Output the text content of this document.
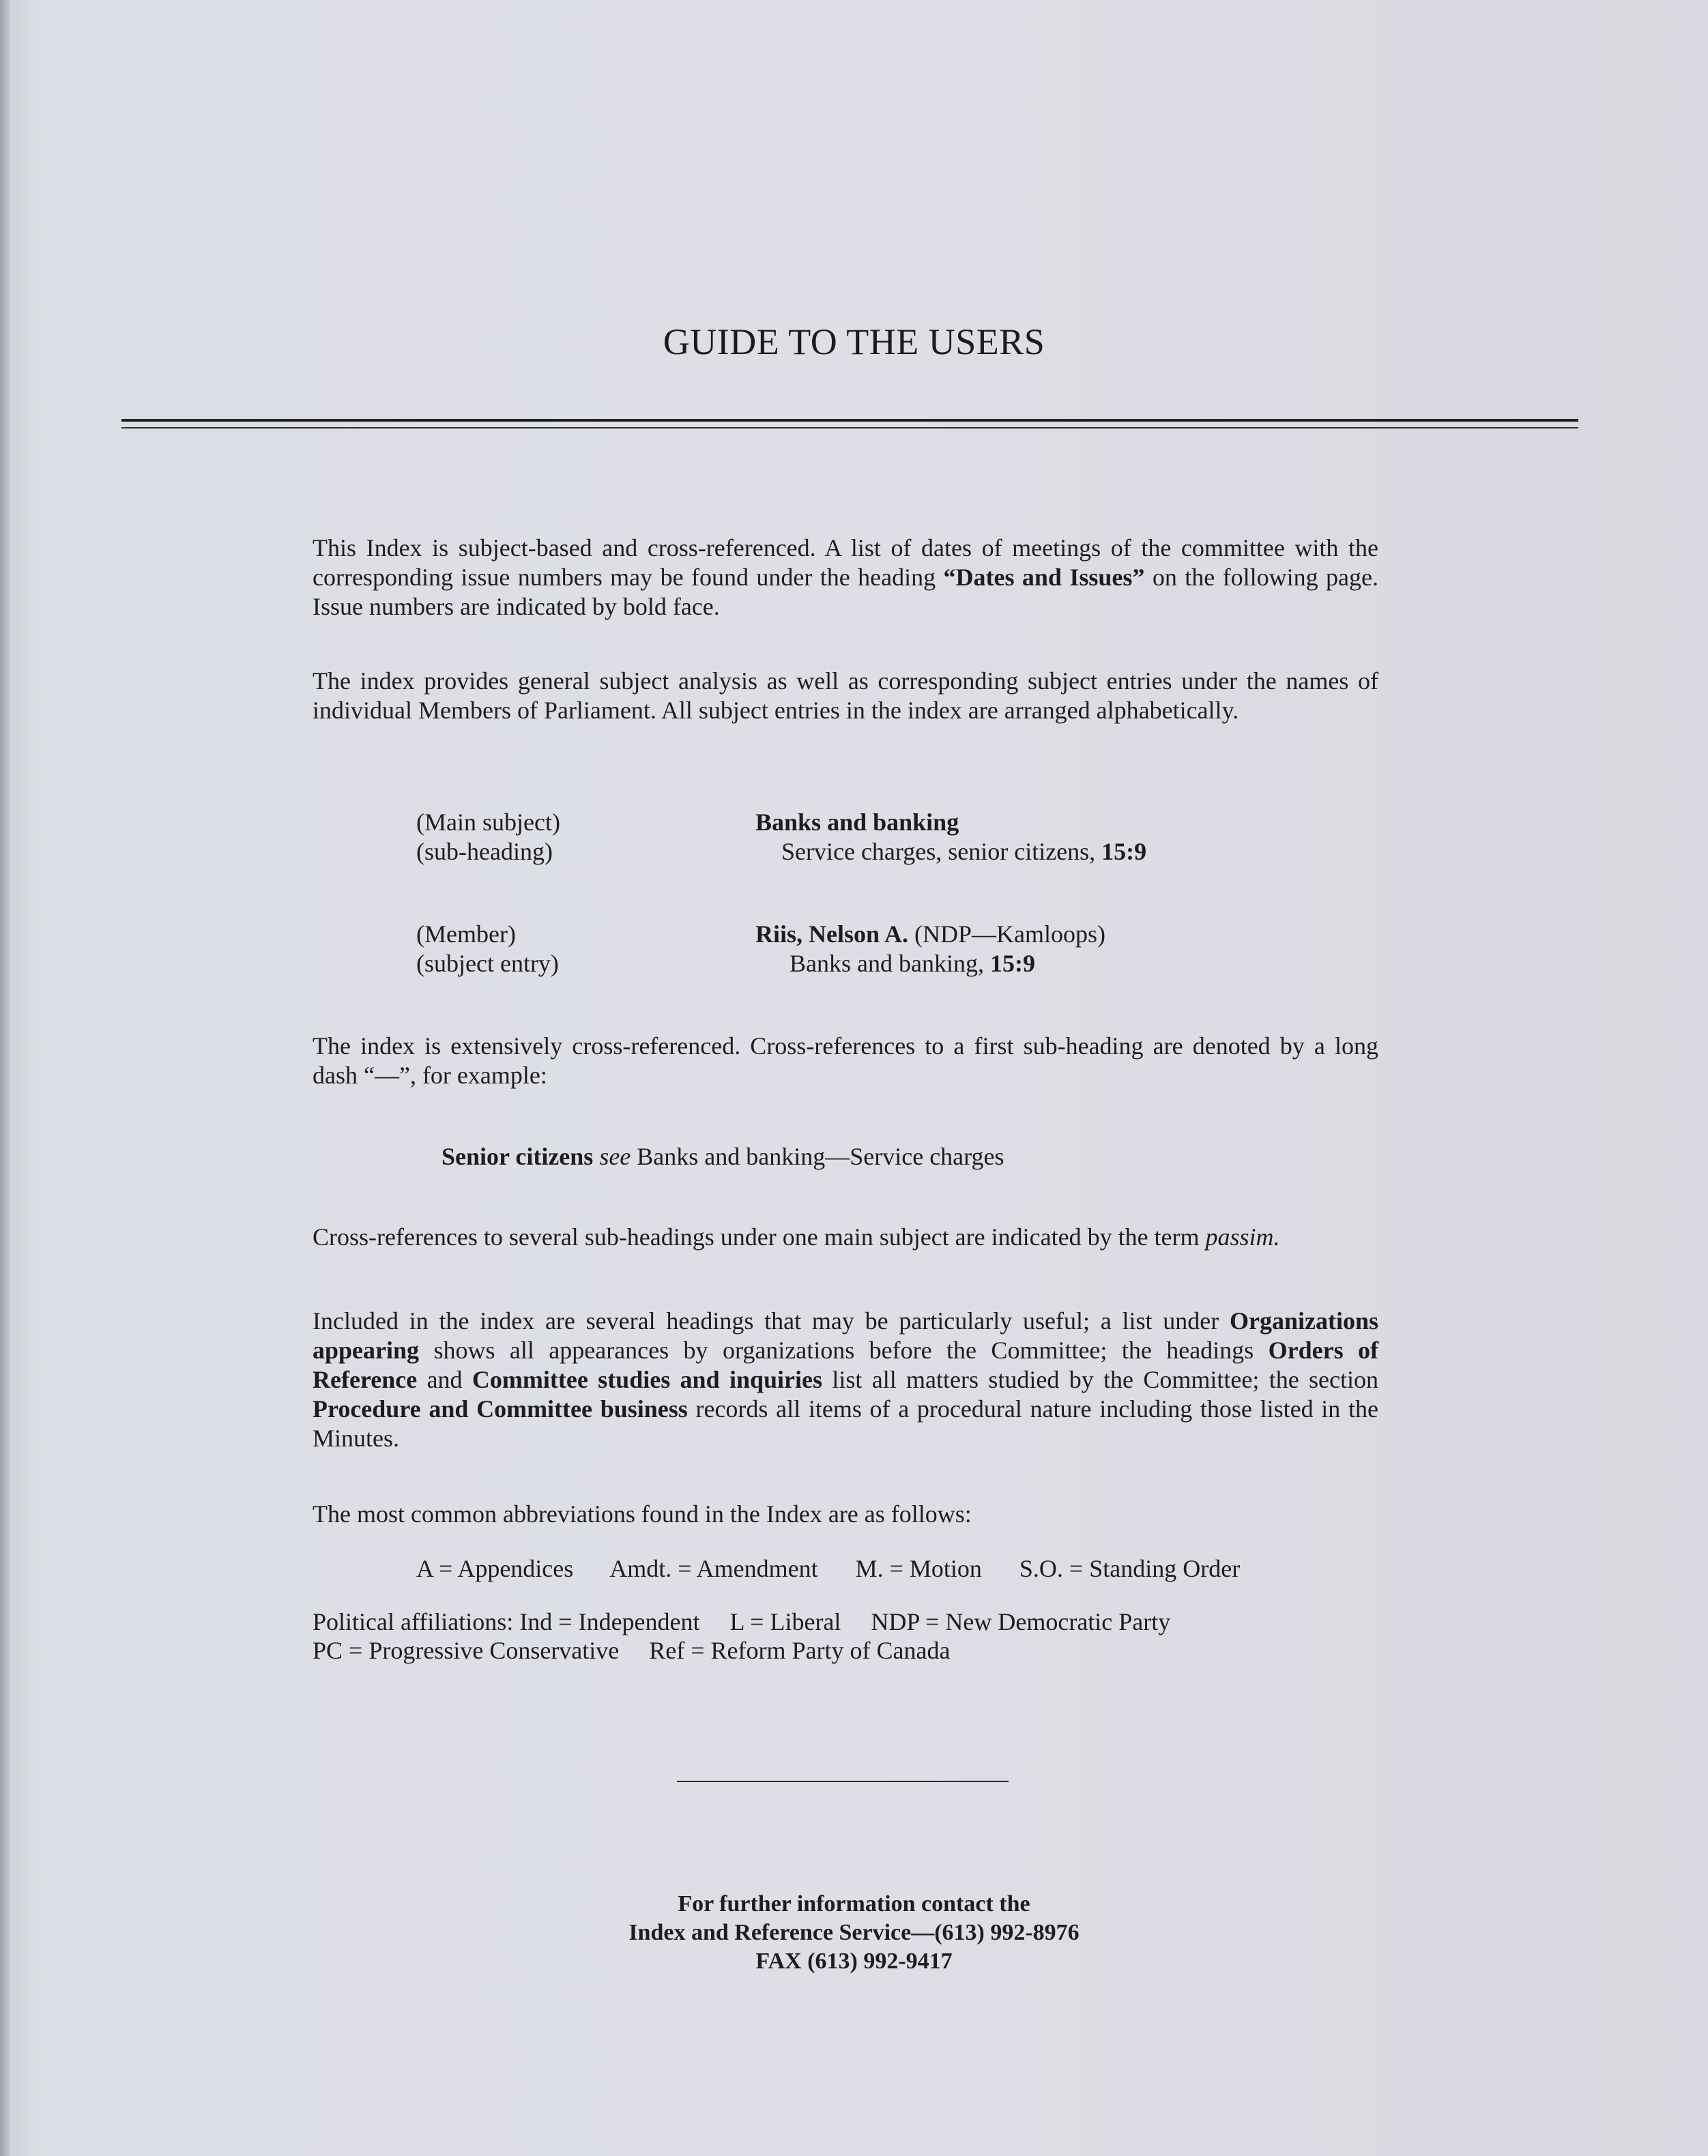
GUIDE TO THE USERS
This Index is subject-based and cross-referenced. A list of dates of meetings of the committee with the corresponding issue numbers may be found under the heading “Dates and Issues” on the following page. Issue numbers are indicated by bold face.
The index provides general subject analysis as well as corresponding subject entries under the names of individual Members of Parliament. All subject entries in the index are arranged alphabetically.
(Main subject)
(sub-heading)
Banks and banking
Service charges, senior citizens, 15:9
(Member)
(subject entry)
Riis, Nelson A. (NDP—Kamloops)
Banks and banking, 15:9
The index is extensively cross-referenced. Cross-references to a first sub-heading are denoted by a long dash “—”, for example:
Senior citizens see Banks and banking—Service charges
Cross-references to several sub-headings under one main subject are indicated by the term passim.
Included in the index are several headings that may be particularly useful; a list under Organizations appearing shows all appearances by organizations before the Committee; the headings Orders of Reference and Committee studies and inquiries list all matters studied by the Committee; the section Procedure and Committee business records all items of a procedural nature including those listed in the Minutes.
The most common abbreviations found in the Index are as follows:
A = Appendices Amdt. = Amendment M. = Motion S.O. = Standing Order
Political affiliations: Ind = Independent L = Liberal NDP = New Democratic Party
PC = Progressive Conservative Ref = Reform Party of Canada
For further information contact the
Index and Reference Service—(613) 992-8976
FAX (613) 992-9417
